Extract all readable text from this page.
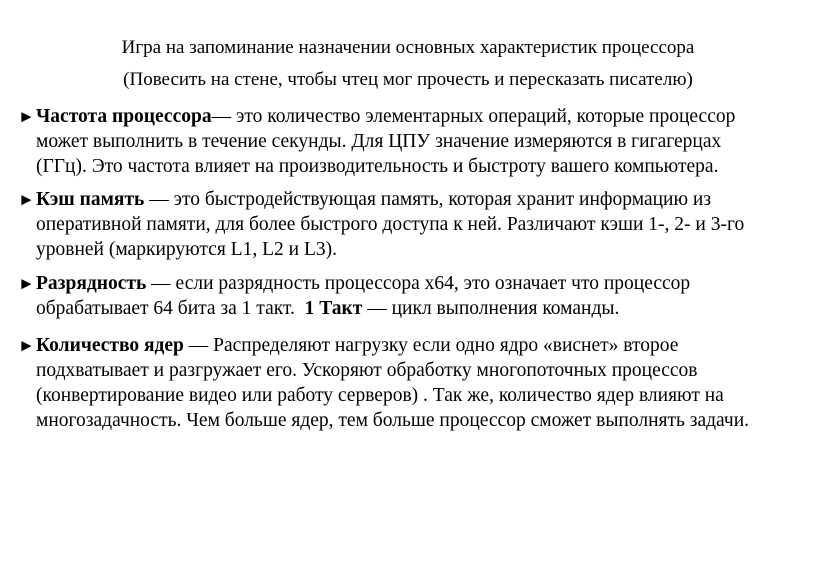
Игра на запоминание назначении основных характеристик процессора
(Повесить на стене, чтобы чтец мог прочесть и пересказать писателю)
►Частота процессора— это количество элементарных операций, которые процессор
может выполнить в течение секунды. Для ЦПУ значение измеряются в гигагерцах
(ГГц). Это частота влияет на производительность и быстроту вашего компьютера.
►Кэш память — это быстродействующая память, которая хранит информацию из
оперативной памяти, для более быстрого доступа к ней. Различают кэши 1-, 2- и 3-го
уровней (маркируются L1, L2 и L3).
►Разрядность — если разрядность процессора x64, это означает что процессор
обрабатывает 64 бита за 1 такт.  1 Такт — цикл выполнения команды.
►Количество ядер — Распределяют нагрузку если одно ядро «виснет» второе
подхватывает и разгружает его. Ускоряют обработку многопоточных процессов
(конвертирование видео или работу серверов) . Так же, количество ядер влияют на
многозадачность. Чем больше ядер, тем больше процессор сможет выполнять задачи.
